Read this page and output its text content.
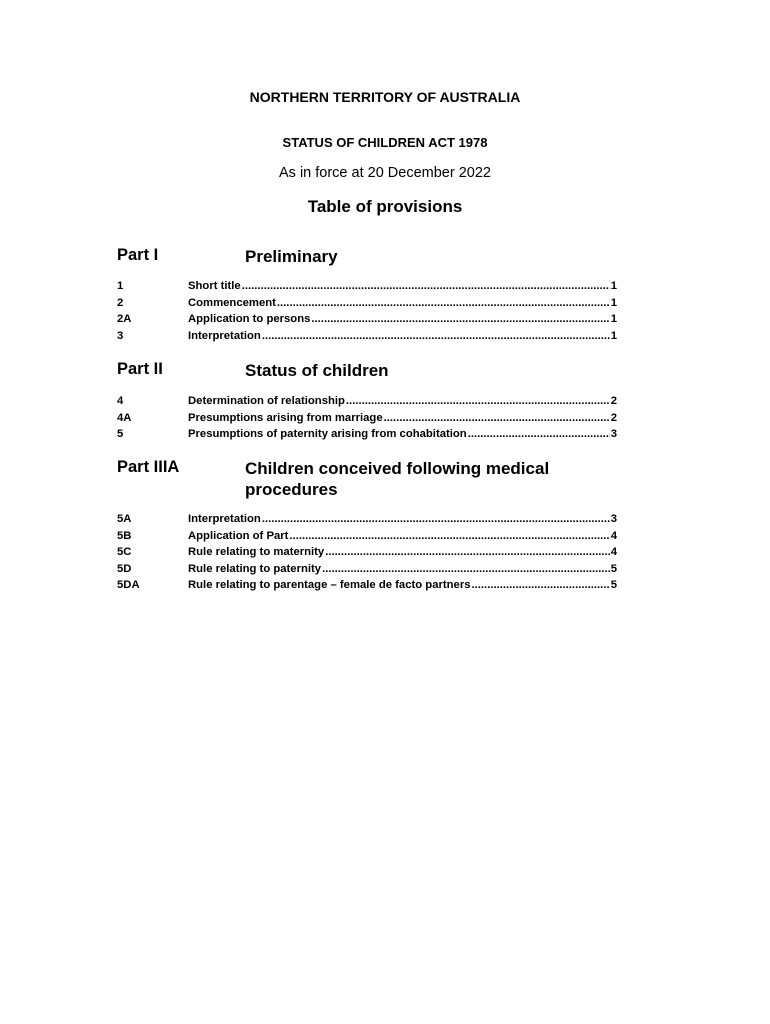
NORTHERN TERRITORY OF AUSTRALIA
STATUS OF CHILDREN ACT 1978
As in force at 20 December 2022
Table of provisions
Part I	Preliminary
1	Short title .....	1
2	Commencement .....	1
2A	Application to persons .....	1
3	Interpretation .....	1
Part II	Status of children
4	Determination of relationship .....	2
4A	Presumptions arising from marriage .....	2
5	Presumptions of paternity arising from cohabitation .....	3
Part IIIA	Children conceived following medical procedures
5A	Interpretation .....	3
5B	Application of Part .....	4
5C	Rule relating to maternity .....	4
5D	Rule relating to paternity .....	5
5DA	Rule relating to parentage – female de facto partners .....	5
